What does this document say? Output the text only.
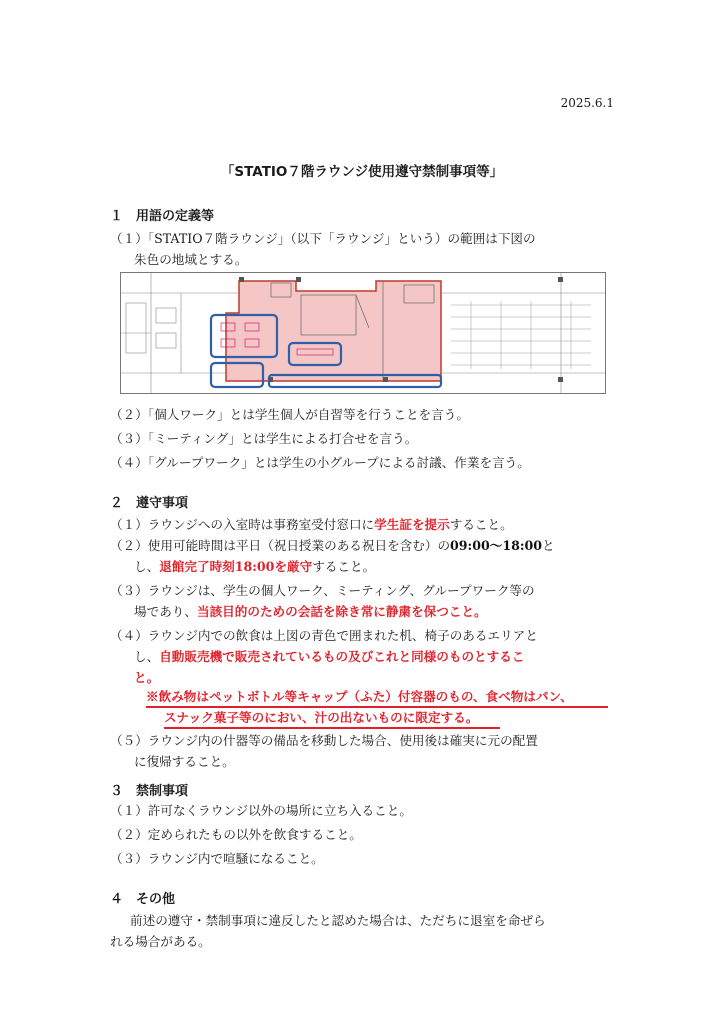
2025.6.1
「STATIO７階ラウンジ使用遵守禁制事項等」
１　用語の定義等
（１）「STATIO７階ラウンジ」（以下「ラウンジ」という）の範囲は下図の
朱色の地域とする。
（２）「個人ワーク」とは学生個人が自習等を行うことを言う。
（３）「ミーティング」とは学生による打合せを言う。
（４）「グループワーク」とは学生の小グループによる討議、作業を言う。
２　遵守事項
（１）ラウンジへの入室時は事務室受付窓口に学生証を提示すること。
（２）使用可能時間は平日（祝日授業のある祝日を含む）の09:00～18:00と
し、退館完了時刻18:00を厳守すること。
（３）ラウンジは、学生の個人ワーク、ミーティング、グループワーク等の
場であり、当該目的のための会話を除き常に静粛を保つこと。
（４）ラウンジ内での飲食は上図の青色で囲まれた机、椅子のあるエリアと
し、自動販売機で販売されているもの及びこれと同様のものとするこ
と。
※飲み物はペットボトル等キャップ（ふた）付容器のもの、食べ物はパン、
スナック菓子等のにおい、汁の出ないものに限定する。
（５）ラウンジ内の什器等の備品を移動した場合、使用後は確実に元の配置
に復帰すること。
３　禁制事項
（１）許可なくラウンジ以外の場所に立ち入ること。
（２）定められたもの以外を飲食すること。
（３）ラウンジ内で喧騒になること。
４　その他
前述の遵守・禁制事項に違反したと認めた場合は、ただちに退室を命ぜら
れる場合がある。
